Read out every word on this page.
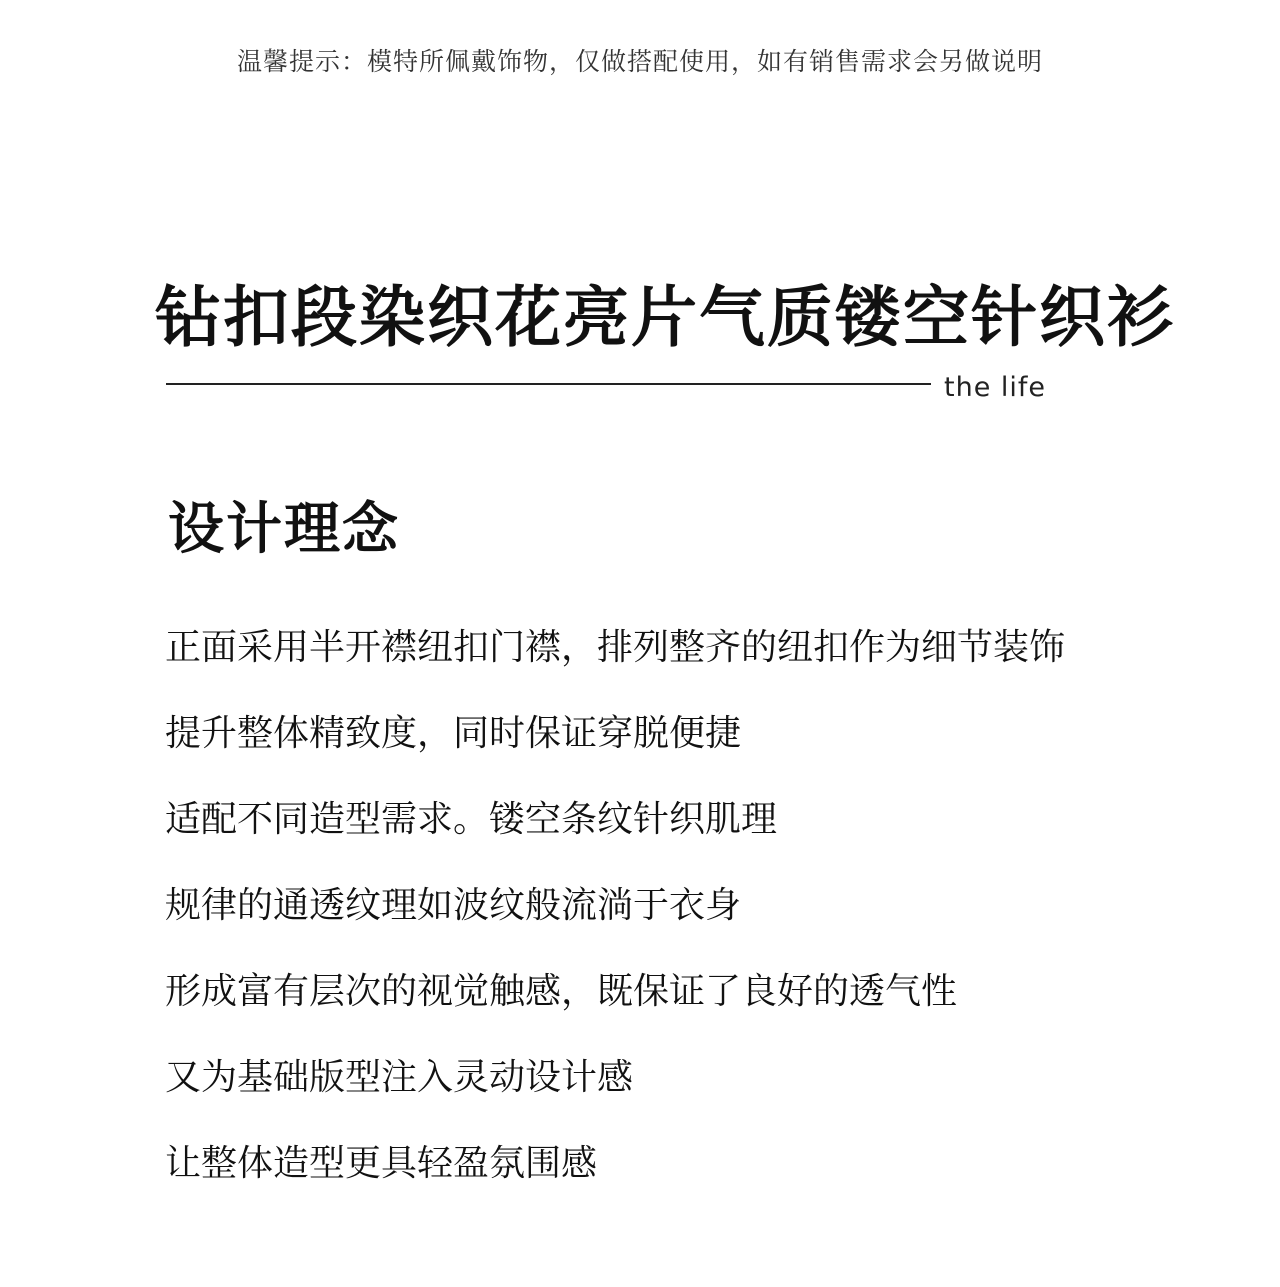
温馨提示：模特所佩戴饰物，仅做搭配使用，如有销售需求会另做说明
钻扣段染织花亮片气质镂空针织衫
the life
设计理念
正面采用半开襟纽扣门襟，排列整齐的纽扣作为细节装饰
提升整体精致度，同时保证穿脱便捷
适配不同造型需求。镂空条纹针织肌理
规律的通透纹理如波纹般流淌于衣身
形成富有层次的视觉触感，既保证了良好的透气性
又为基础版型注入灵动设计感
让整体造型更具轻盈氛围感
